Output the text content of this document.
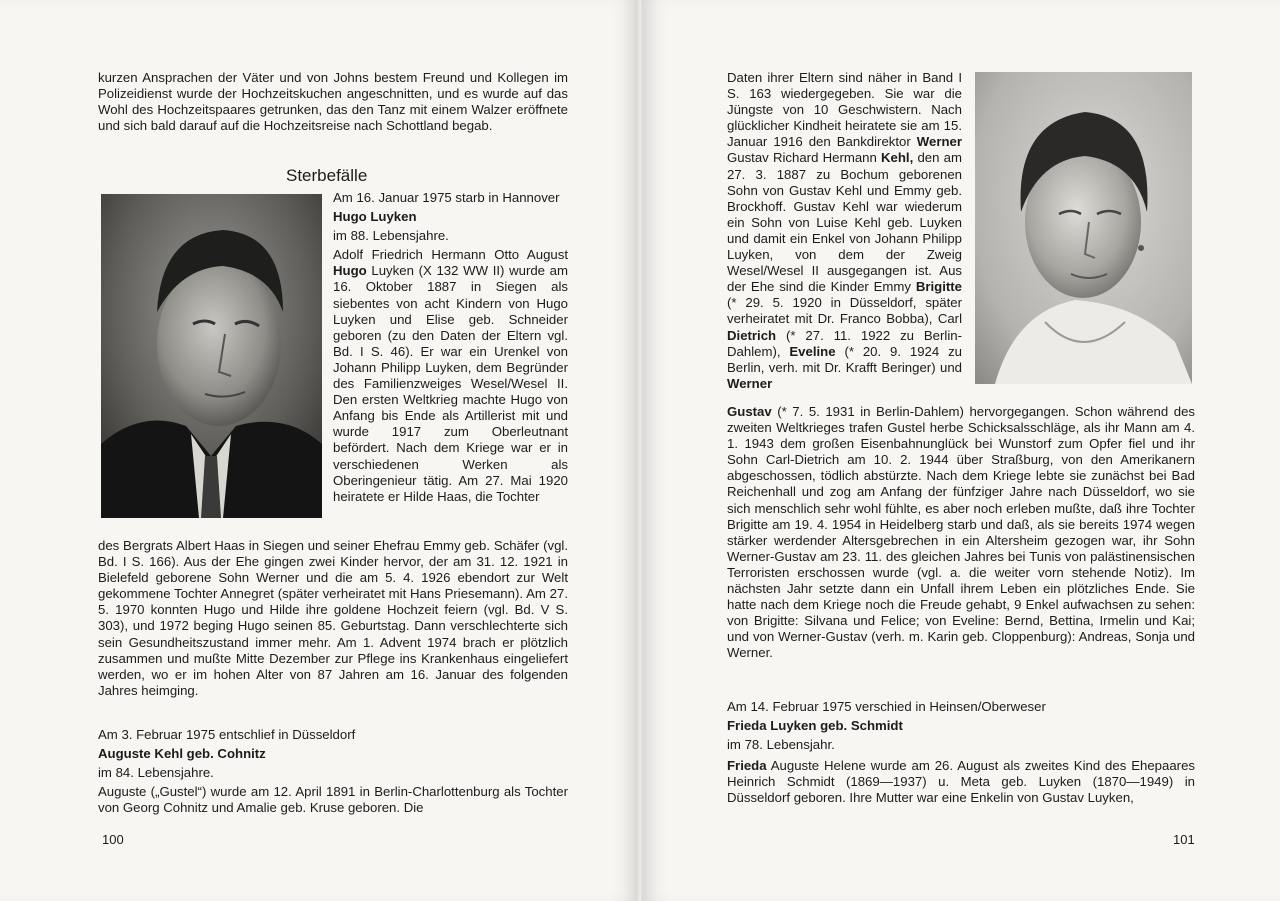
kurzen Ansprachen der Väter und von Johns bestem Freund und Kollegen im Polizeidienst wurde der Hochzeitskuchen angeschnitten, und es wurde auf das Wohl des Hochzeitspaares getrunken, das den Tanz mit einem Walzer eröffnete und sich bald darauf auf die Hochzeitsreise nach Schottland begab.

Sterbefälle

Am 16. Januar 1975 starb in Hannover

Hugo Luyken

im 88. Lebensjahre.

Adolf Friedrich Hermann Otto August Hugo Luyken (X 132 WW II) wurde am 16. Oktober 1887 in Siegen als siebentes von acht Kindern von Hugo Luyken und Elise geb. Schneider geboren (zu den Daten der Eltern vgl. Bd. I S. 46). Er war ein Urenkel von Johann Philipp Luyken, dem Begründer des Familienzweiges Wesel/Wesel II. Den ersten Weltkrieg machte Hugo von Anfang bis Ende als Artillerist mit und wurde 1917 zum Oberleutnant befördert. Nach dem Kriege war er in verschiedenen Werken als Oberingenieur tätig. Am 27. Mai 1920 heiratete er Hilde Haas, die Tochter

des Bergrats Albert Haas in Siegen und seiner Ehefrau Emmy geb. Schäfer (vgl. Bd. I S. 166). Aus der Ehe gingen zwei Kinder hervor, der am 31. 12. 1921 in Bielefeld geborene Sohn Werner und die am 5. 4. 1926 ebendort zur Welt gekommene Tochter Annegret (später verheiratet mit Hans Priesemann). Am 27. 5. 1970 konnten Hugo und Hilde ihre goldene Hochzeit feiern (vgl. Bd. V S. 303), und 1972 beging Hugo seinen 85. Geburtstag. Dann verschlechterte sich sein Gesundheitszustand immer mehr. Am 1. Advent 1974 brach er plötzlich zusammen und mußte Mitte Dezember zur Pflege ins Krankenhaus eingeliefert werden, wo er im hohen Alter von 87 Jahren am 16. Januar des folgenden Jahres heimging.

Am 3. Februar 1975 entschlief in Düsseldorf

Auguste Kehl geb. Cohnitz

im 84. Lebensjahre.

Auguste („Gustel“) wurde am 12. April 1891 in Berlin-Charlottenburg als Tochter von Georg Cohnitz und Amalie geb. Kruse geboren. Die

100

Daten ihrer Eltern sind näher in Band I S. 163 wiedergegeben. Sie war die Jüngste von 10 Geschwistern. Nach glücklicher Kindheit heiratete sie am 15. Januar 1916 den Bankdirektor Werner Gustav Richard Hermann Kehl, den am 27. 3. 1887 zu Bochum geborenen Sohn von Gustav Kehl und Emmy geb. Brockhoff. Gustav Kehl war wiederum ein Sohn von Luise Kehl geb. Luyken und damit ein Enkel von Johann Philipp Luyken, von dem der Zweig Wesel/Wesel II ausgegangen ist. Aus der Ehe sind die Kinder Emmy Brigitte (* 29. 5. 1920 in Düsseldorf, später verheiratet mit Dr. Franco Bobba), Carl Dietrich (* 27. 11. 1922 zu Berlin-Dahlem), Eveline (* 20. 9. 1924 zu Berlin, verh. mit Dr. Krafft Beringer) und Werner

Gustav (* 7. 5. 1931 in Berlin-Dahlem) hervorgegangen. Schon während des zweiten Weltkrieges trafen Gustel herbe Schicksalsschläge, als ihr Mann am 4. 1. 1943 dem großen Eisenbahnunglück bei Wunstorf zum Opfer fiel und ihr Sohn Carl-Dietrich am 10. 2. 1944 über Straßburg, von den Amerikanern abgeschossen, tödlich abstürzte. Nach dem Kriege lebte sie zunächst bei Bad Reichenhall und zog am Anfang der fünfziger Jahre nach Düsseldorf, wo sie sich menschlich sehr wohl fühlte, es aber noch erleben mußte, daß ihre Tochter Brigitte am 19. 4. 1954 in Heidelberg starb und daß, als sie bereits 1974 wegen stärker werdender Altersgebrechen in ein Altersheim gezogen war, ihr Sohn Werner-Gustav am 23. 11. des gleichen Jahres bei Tunis von palästinensischen Terroristen erschossen wurde (vgl. a. die weiter vorn stehende Notiz). Im nächsten Jahr setzte dann ein Unfall ihrem Leben ein plötzliches Ende. Sie hatte nach dem Kriege noch die Freude gehabt, 9 Enkel aufwachsen zu sehen: von Brigitte: Silvana und Felice; von Eveline: Bernd, Bettina, Irmelin und Kai; und von Werner-Gustav (verh. m. Karin geb. Cloppenburg): Andreas, Sonja und Werner.

Am 14. Februar 1975 verschied in Heinsen/Oberweser

Frieda Luyken geb. Schmidt

im 78. Lebensjahr.

Frieda Auguste Helene wurde am 26. August als zweites Kind des Ehepaares Heinrich Schmidt (1869—1937) u. Meta geb. Luyken (1870—1949) in Düsseldorf geboren. Ihre Mutter war eine Enkelin von Gustav Luyken,

101
